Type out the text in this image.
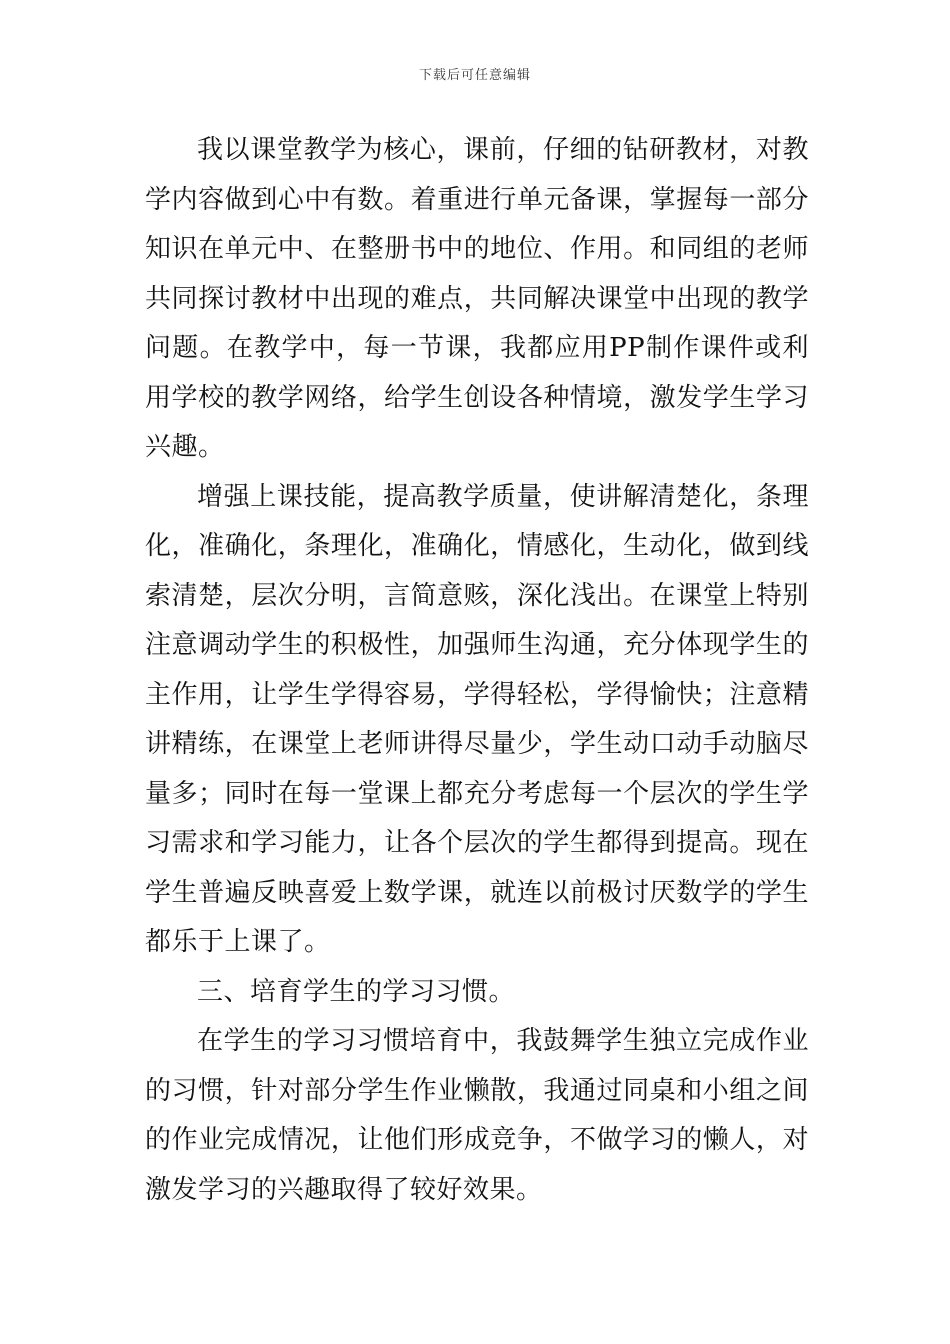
下载后可任意编辑

我以课堂教学为核心，课前，仔细的钻研教材，对教学内容做到心中有数。着重进行单元备课，掌握每一部分知识在单元中、在整册书中的地位、作用。和同组的老师共同探讨教材中出现的难点，共同解决课堂中出现的教学问题。在教学中，每一节课，我都应用PP制作课件或利用学校的教学网络，给学生创设各种情境，激发学生学习兴趣。

增强上课技能，提高教学质量，使讲解清楚化，条理化，准确化，条理化，准确化，情感化，生动化，做到线索清楚，层次分明，言简意赅，深化浅出。在课堂上特别注意调动学生的积极性，加强师生沟通，充分体现学生的主作用，让学生学得容易，学得轻松，学得愉快；注意精讲精练，在课堂上老师讲得尽量少，学生动口动手动脑尽量多；同时在每一堂课上都充分考虑每一个层次的学生学习需求和学习能力，让各个层次的学生都得到提高。现在学生普遍反映喜爱上数学课，就连以前极讨厌数学的学生都乐于上课了。

三、培育学生的学习习惯。

在学生的学习习惯培育中，我鼓舞学生独立完成作业的习惯，针对部分学生作业懒散，我通过同桌和小组之间的作业完成情况，让他们形成竞争，不做学习的懒人，对激发学习的兴趣取得了较好效果。
